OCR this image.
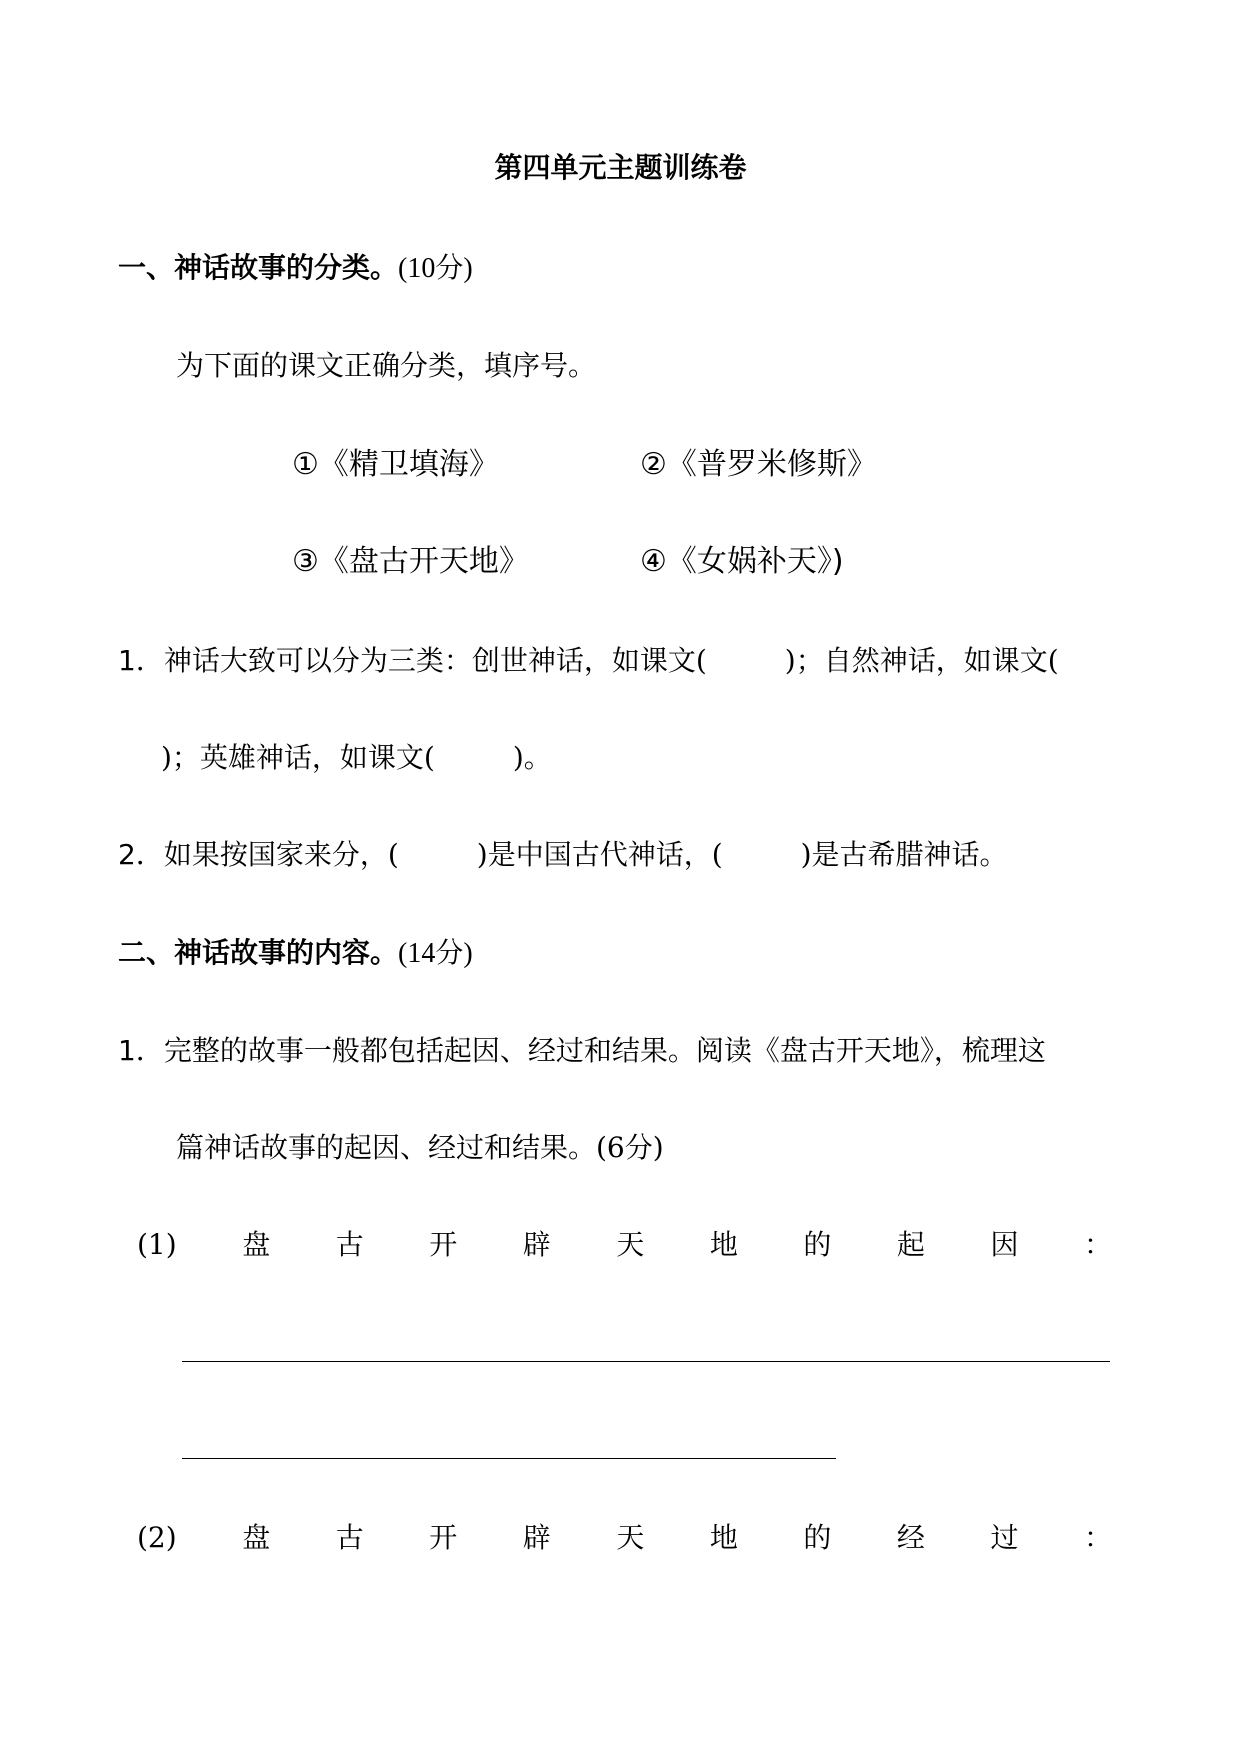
第四单元主题训练卷
一、神话故事的分类。(10分)
为下面的课文正确分类，填序号。
①《精卫填海》	②《普罗米修斯》
③《盘古开天地》	④《女娲补天》)
1．神话大致可以分为三类：创世神话，如课文(	)；自然神话，如课文(
)；英雄神话，如课文(	)。
2．如果按国家来分，(	)是中国古代神话，(	)是古希腊神话。
二、神话故事的内容。(14分)
1．完整的故事一般都包括起因、经过和结果。阅读《盘古开天地》，梳理这
篇神话故事的起因、经过和结果。(6分)
(1) 盘 古 开 辟 天 地 的 起 因 ：
(2) 盘 古 开 辟 天 地 的 经 过 ：
